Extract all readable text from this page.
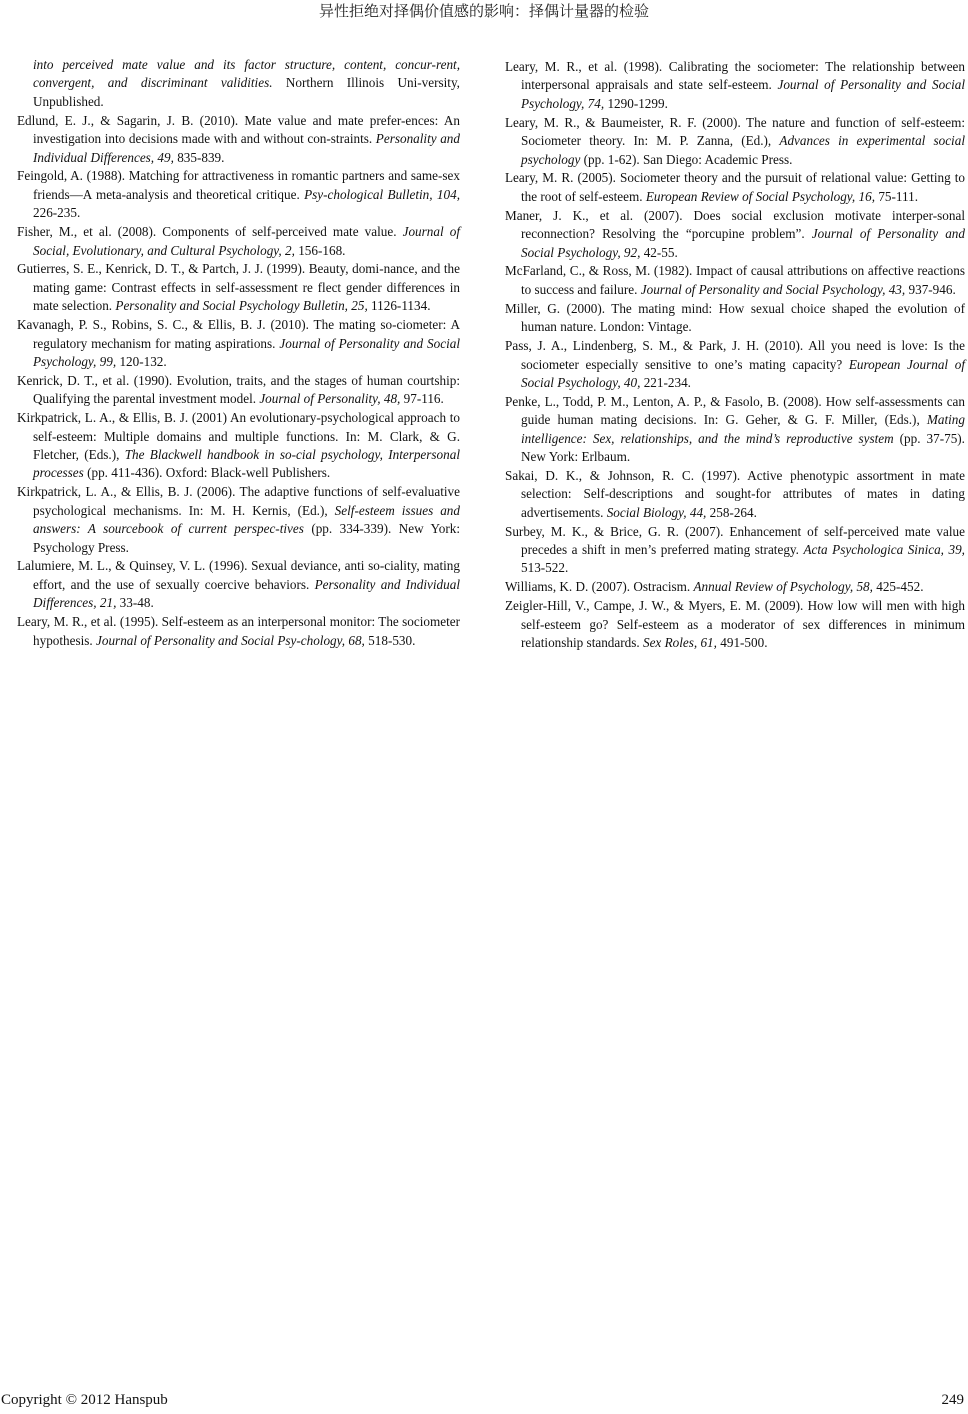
异性拒绝对择偶价值感的影响：择偶计量器的检验

into perceived mate value and its factor structure, content, concur-rent, convergent, and discriminant validities. Northern Illinois Uni-versity, Unpublished.

Edlund, E. J., & Sagarin, J. B. (2010). Mate value and mate prefer-ences: An investigation into decisions made with and without con-straints. Personality and Individual Differences, 49, 835-839.

Feingold, A. (1988). Matching for attractiveness in romantic partners and same-sex friends—A meta-analysis and theoretical critique. Psy-chological Bulletin, 104, 226-235.

Fisher, M., et al. (2008). Components of self-perceived mate value. Journal of Social, Evolutionary, and Cultural Psychology, 2, 156-168.

Gutierres, S. E., Kenrick, D. T., & Partch, J. J. (1999). Beauty, domi-nance, and the mating game: Contrast effects in self-assessment re flect gender differences in mate selection. Personality and Social Psychology Bulletin, 25, 1126-1134.

Kavanagh, P. S., Robins, S. C., & Ellis, B. J. (2010). The mating so-ciometer: A regulatory mechanism for mating aspirations. Journal of Personality and Social Psychology, 99, 120-132.

Kenrick, D. T., et al. (1990). Evolution, traits, and the stages of human courtship: Qualifying the parental investment model. Journal of Personality, 48, 97-116.

Kirkpatrick, L. A., & Ellis, B. J. (2001) An evolutionary-psychological approach to self-esteem: Multiple domains and multiple functions. In: M. Clark, & G. Fletcher, (Eds.), The Blackwell handbook in so-cial psychology, Interpersonal processes (pp. 411-436). Oxford: Black-well Publishers.

Kirkpatrick, L. A., & Ellis, B. J. (2006). The adaptive functions of self-evaluative psychological mechanisms. In: M. H. Kernis, (Ed.), Self-esteem issues and answers: A sourcebook of current perspec-tives (pp. 334-339). New York: Psychology Press.

Lalumiere, M. L., & Quinsey, V. L. (1996). Sexual deviance, anti so-ciality, mating effort, and the use of sexually coercive behaviors. Personality and Individual Differences, 21, 33-48.

Leary, M. R., et al. (1995). Self-esteem as an interpersonal monitor: The sociometer hypothesis. Journal of Personality and Social Psy-chology, 68, 518-530.

Leary, M. R., et al. (1998). Calibrating the sociometer: The relationship between interpersonal appraisals and state self-esteem. Journal of Personality and Social Psychology, 74, 1290-1299.

Leary, M. R., & Baumeister, R. F. (2000). The nature and function of self-esteem: Sociometer theory. In: M. P. Zanna, (Ed.), Advances in experimental social psychology (pp. 1-62). San Diego: Academic Press.

Leary, M. R. (2005). Sociometer theory and the pursuit of relational value: Getting to the root of self-esteem. European Review of Social Psychology, 16, 75-111.

Maner, J. K., et al. (2007). Does social exclusion motivate interper-sonal reconnection? Resolving the “porcupine problem”. Journal of Personality and Social Psychology, 92, 42-55.

McFarland, C., & Ross, M. (1982). Impact of causal attributions on affective reactions to success and failure. Journal of Personality and Social Psychology, 43, 937-946.

Miller, G. (2000). The mating mind: How sexual choice shaped the evolution of human nature. London: Vintage.

Pass, J. A., Lindenberg, S. M., & Park, J. H. (2010). All you need is love: Is the sociometer especially sensitive to one’s mating capacity? European Journal of Social Psychology, 40, 221-234.

Penke, L., Todd, P. M., Lenton, A. P., & Fasolo, B. (2008). How self-assessments can guide human mating decisions. In: G. Geher, & G. F. Miller, (Eds.), Mating intelligence: Sex, relationships, and the mind’s reproductive system (pp. 37-75). New York: Erlbaum.

Sakai, D. K., & Johnson, R. C. (1997). Active phenotypic assortment in mate selection: Self-descriptions and sought-for attributes of mates in dating advertisements. Social Biology, 44, 258-264.

Surbey, M. K., & Brice, G. R. (2007). Enhancement of self-perceived mate value precedes a shift in men’s preferred mating strategy. Acta Psychologica Sinica, 39, 513-522.

Williams, K. D. (2007). Ostracism. Annual Review of Psychology, 58, 425-452.

Zeigler-Hill, V., Campe, J. W., & Myers, E. M. (2009). How low will men with high self-esteem go? Self-esteem as a moderator of sex differences in minimum relationship standards. Sex Roles, 61, 491-500.

Copyright © 2012 Hanspub	249
